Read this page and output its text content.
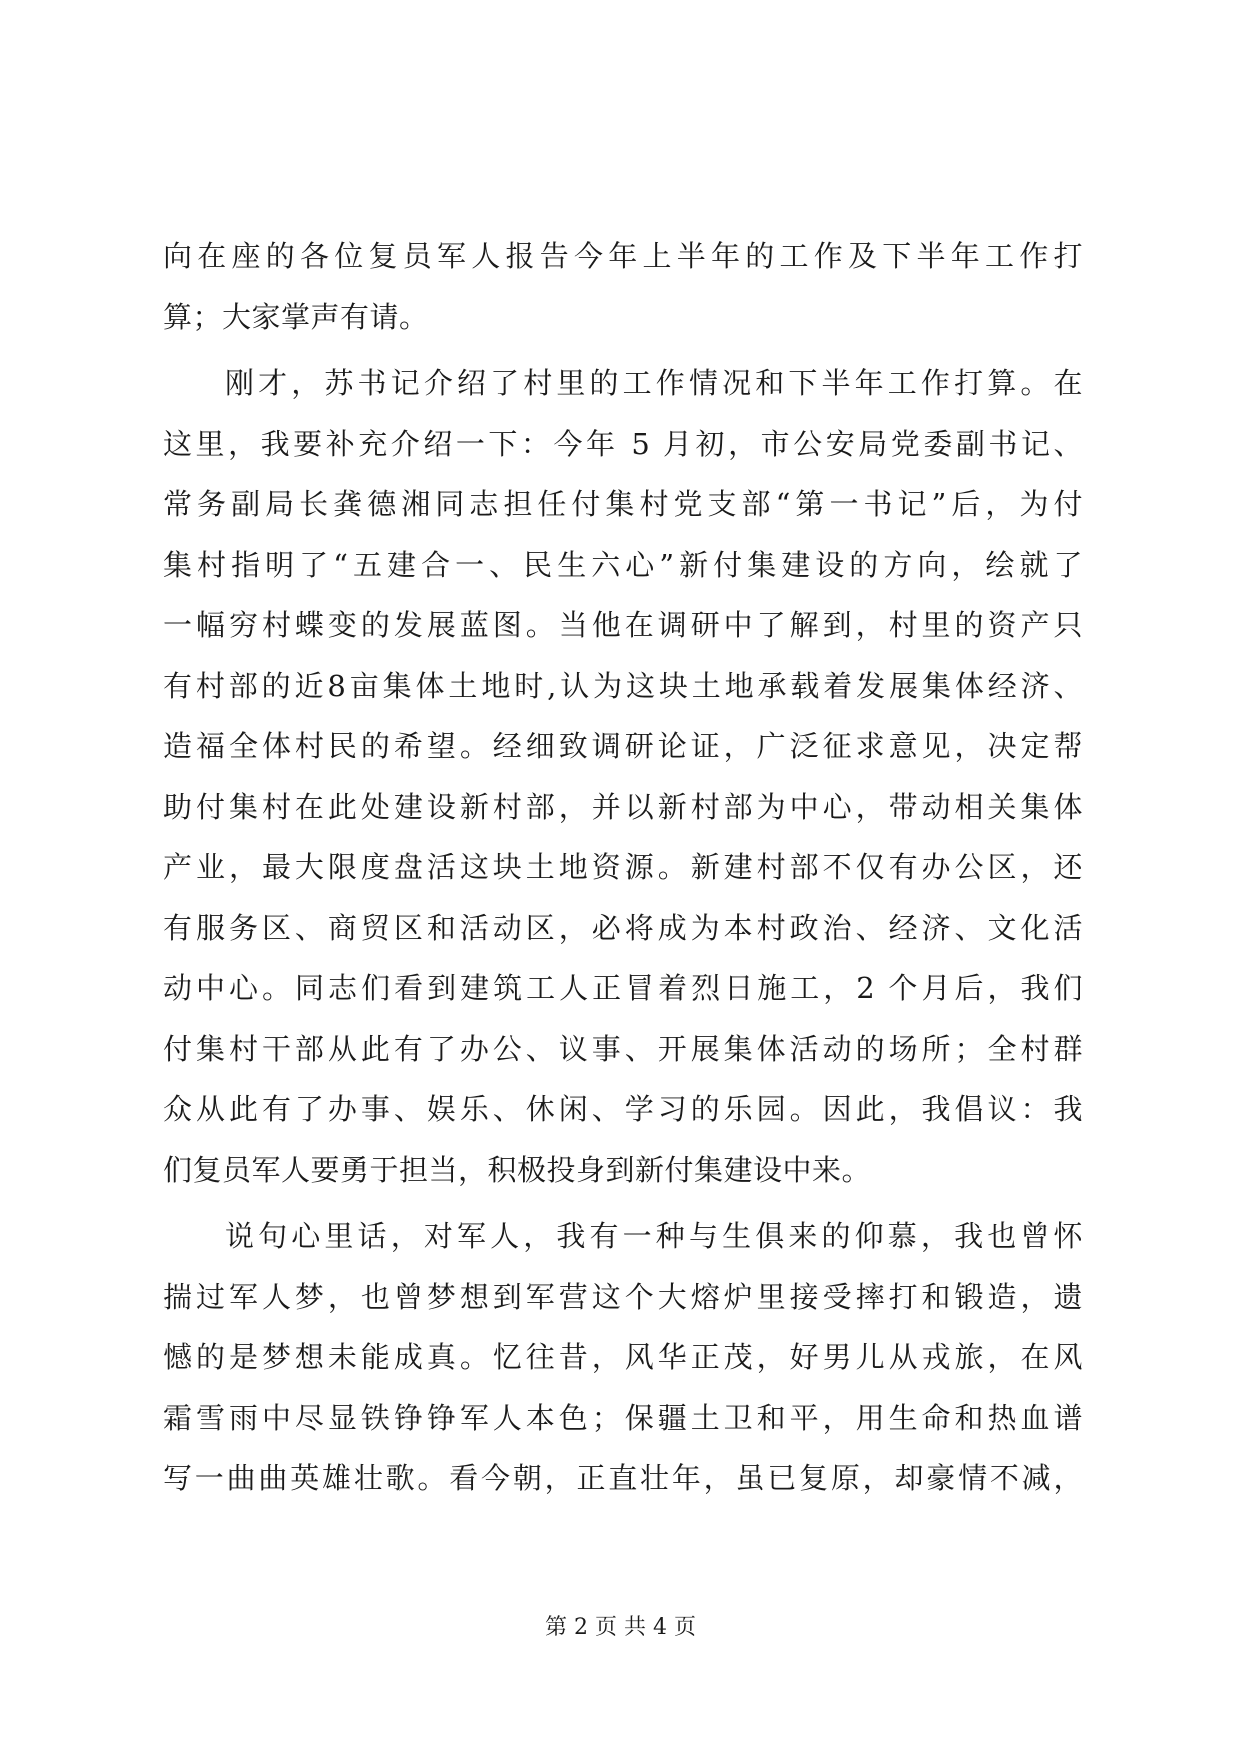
向在座的各位复员军人报告今年上半年的工作及下半年工作打
算；大家掌声有请。
刚才，苏书记介绍了村里的工作情况和下半年工作打算。在
这里，我要补充介绍一下：今年 5 月初，市公安局党委副书记、
常务副局长龚德湘同志担任付集村党支部“第一书记”后，为付
集村指明了“五建合一、民生六心”新付集建设的方向，绘就了
一幅穷村蝶变的发展蓝图。当他在调研中了解到，村里的资产只
有村部的近8亩集体土地时,认为这块土地承载着发展集体经济、
造福全体村民的希望。经细致调研论证，广泛征求意见，决定帮
助付集村在此处建设新村部，并以新村部为中心，带动相关集体
产业，最大限度盘活这块土地资源。新建村部不仅有办公区，还
有服务区、商贸区和活动区，必将成为本村政治、经济、文化活
动中心。同志们看到建筑工人正冒着烈日施工，2 个月后，我们
付集村干部从此有了办公、议事、开展集体活动的场所；全村群
众从此有了办事、娱乐、休闲、学习的乐园。因此，我倡议：我
们复员军人要勇于担当，积极投身到新付集建设中来。
说句心里话，对军人，我有一种与生俱来的仰慕，我也曾怀
揣过军人梦，也曾梦想到军营这个大熔炉里接受摔打和锻造，遗
憾的是梦想未能成真。忆往昔，风华正茂，好男儿从戎旅，在风
霜雪雨中尽显铁铮铮军人本色；保疆土卫和平，用生命和热血谱
写一曲曲英雄壮歌。看今朝，正直壮年，虽已复原，却豪情不减，
第 2 页 共 4 页
